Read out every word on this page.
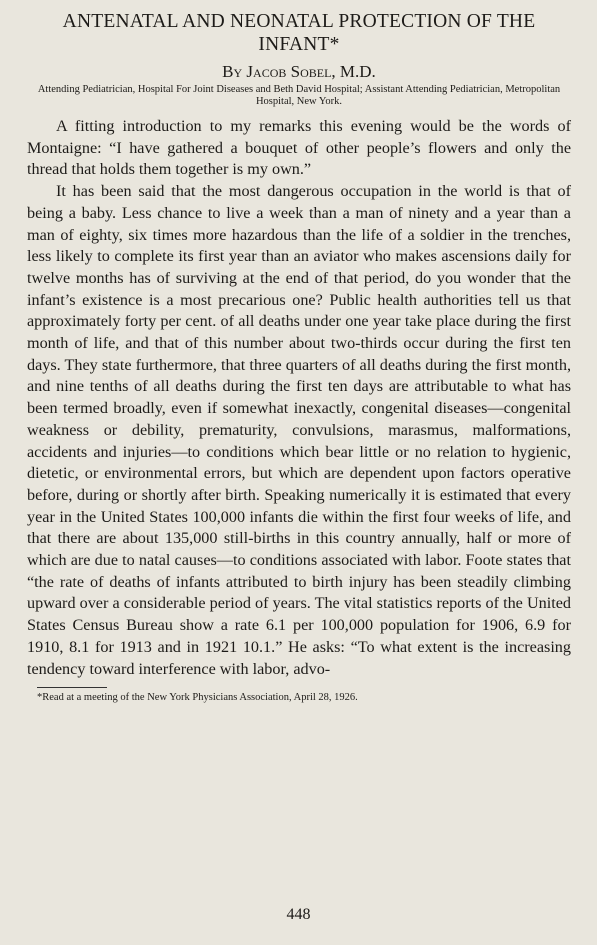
ANTENATAL AND NEONATAL PROTECTION OF THE INFANT*
By Jacob Sobel, M.D.
Attending Pediatrician, Hospital For Joint Diseases and Beth David Hospital; Assistant Attending Pediatrician, Metropolitan Hospital, New York.

A fitting introduction to my remarks this evening would be the words of Montaigne: “I have gathered a bouquet of other people’s flowers and only the thread that holds them together is my own.”

It has been said that the most dangerous occupation in the world is that of being a baby. Less chance to live a week than a man of ninety and a year than a man of eighty, six times more hazardous than the life of a soldier in the trenches, less likely to complete its first year than an aviator who makes ascensions daily for twelve months has of surviving at the end of that period, do you wonder that the infant’s existence is a most precarious one? Public health authorities tell us that approximately forty per cent. of all deaths under one year take place during the first month of life, and that of this number about two-thirds occur during the first ten days. They state furthermore, that three quarters of all deaths during the first month, and nine tenths of all deaths during the first ten days are attributable to what has been termed broadly, even if somewhat inexactly, congenital diseases—congenital weakness or debility, prematurity, convulsions, marasmus, malformations, accidents and injuries—to conditions which bear little or no relation to hygienic, dietetic, or environmental errors, but which are dependent upon factors operative before, during or shortly after birth. Speaking numerically it is estimated that every year in the United States 100,000 infants die within the first four weeks of life, and that there are about 135,000 still-births in this country annually, half or more of which are due to natal causes—to conditions associated with labor. Foote states that “the rate of deaths of infants attributed to birth injury has been steadily climbing upward over a considerable period of years. The vital statistics reports of the United States Census Bureau show a rate 6.1 per 100,000 population for 1906, 6.9 for 1910, 8.1 for 1913 and in 1921 10.1.” He asks: “To what extent is the increasing tendency toward interference with labor, advo-

*Read at a meeting of the New York Physicians Association, April 28, 1926.

448
